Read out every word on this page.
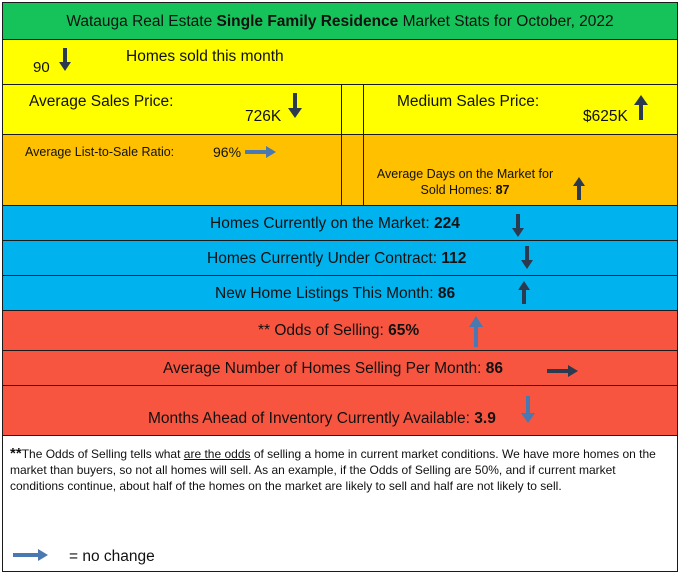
Watauga Real Estate Single Family Residence Market Stats for October, 2022
90
Homes sold this month
Average Sales Price:
726K
Medium Sales Price:
$625K
Average List-to-Sale Ratio:	96%
Average Days on the Market for
Sold Homes: 87
Homes Currently on the Market: 224
Homes Currently Under Contract: 112
New Home Listings This Month: 86
** Odds of Selling: 65%
Average Number of Homes Selling Per Month: 86
Months Ahead of Inventory Currently Available: 3.9
**The Odds of Selling tells what are the odds of selling a home in current market conditions. We have more homes on the market than buyers, so not all homes will sell. As an example, if the Odds of Selling are 50%, and if current market conditions continue, about half of the homes on the market are likely to sell and half are not likely to sell.
= no change
